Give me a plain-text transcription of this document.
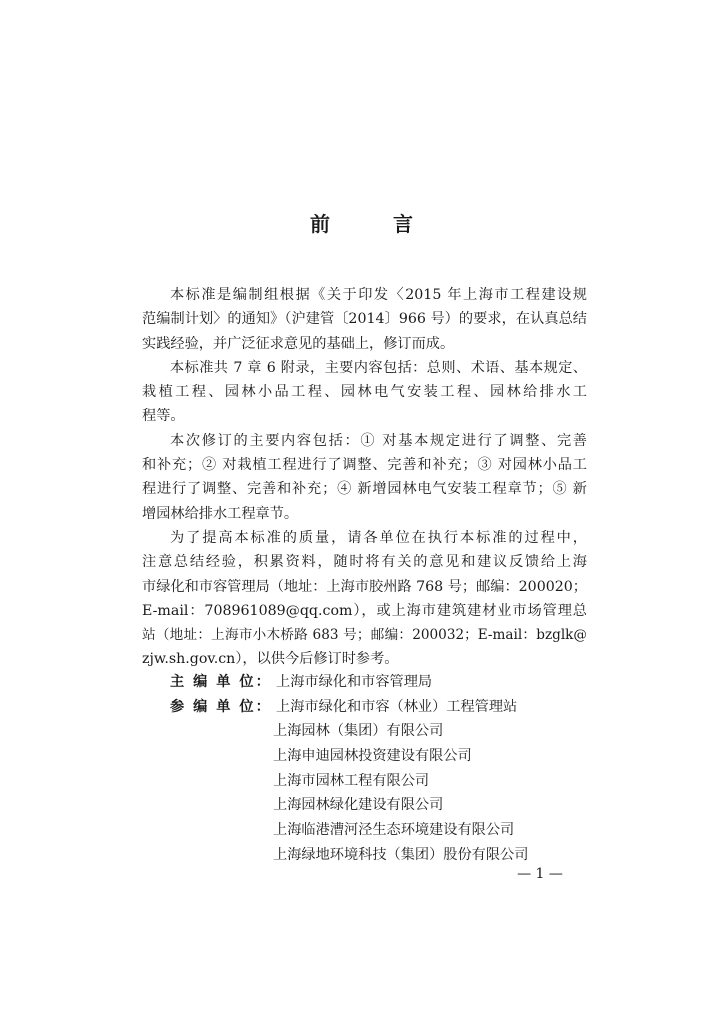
前 言
本标准是编制组根据《关于印发〈2015 年上海市工程建设规
范编制计划〉的通知》（沪建管〔2014〕966 号）的要求，在认真总结
实践经验，并广泛征求意见的基础上，修订而成。
本标准共 7 章 6 附录，主要内容包括：总则、术语、基本规定、
栽植工程、园林小品工程、园林电气安装工程、园林给排水工
程等。
本次修订的主要内容包括：① 对基本规定进行了调整、完善
和补充；② 对栽植工程进行了调整、完善和补充；③ 对园林小品工
程进行了调整、完善和补充；④ 新增园林电气安装工程章节；⑤ 新
增园林给排水工程章节。
为了提高本标准的质量，请各单位在执行本标准的过程中，
注意总结经验，积累资料，随时将有关的意见和建议反馈给上海
市绿化和市容管理局（地址：上海市胶州路 768 号；邮编：200020；
E-mail：708961089@qq.com），或上海市建筑建材业市场管理总
站（地址：上海市小木桥路 683 号；邮编：200032；E-mail：bzglk@
zjw.sh.gov.cn），以供今后修订时参考。
主 编 单 位： 上海市绿化和市容管理局
参 编 单 位： 上海市绿化和市容（林业）工程管理站
上海园林（集团）有限公司
上海申迪园林投资建设有限公司
上海市园林工程有限公司
上海园林绿化建设有限公司
上海临港漕河泾生态环境建设有限公司
上海绿地环境科技（集团）股份有限公司
— 1 —
